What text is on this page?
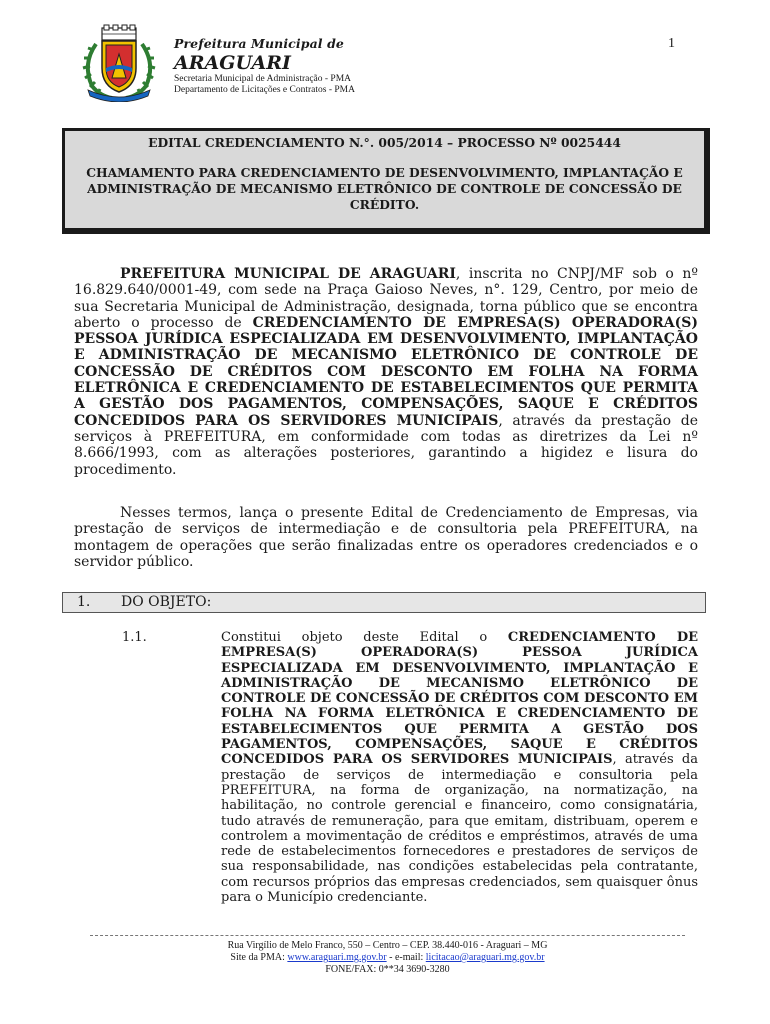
Prefeitura Municipal de
ARAGUARI
Secretaria Municipal de Administração - PMA
Departamento de Licitações e Contratos - PMA
1
EDITAL CREDENCIAMENTO N.°. 005/2014 – PROCESSO Nº 0025444
CHAMAMENTO PARA CREDENCIAMENTO DE DESENVOLVIMENTO, IMPLANTAÇÃO E ADMINISTRAÇÃO DE MECANISMO ELETRÔNICO DE CONTROLE DE CONCESSÃO DE CRÉDITO.
PREFEITURA MUNICIPAL DE ARAGUARI, inscrita no CNPJ/MF sob o nº 16.829.640/0001-49, com sede na Praça Gaioso Neves, n°. 129, Centro, por meio de sua Secretaria Municipal de Administração, designada, torna público que se encontra aberto o processo de CREDENCIAMENTO DE EMPRESA(S) OPERADORA(S) PESSOA JURÍDICA ESPECIALIZADA EM DESENVOLVIMENTO, IMPLANTAÇÃO E ADMINISTRAÇÃO DE MECANISMO ELETRÔNICO DE CONTROLE DE CONCESSÃO DE CRÉDITOS COM DESCONTO EM FOLHA NA FORMA ELETRÔNICA E CREDENCIAMENTO DE ESTABELECIMENTOS QUE PERMITA A GESTÃO DOS PAGAMENTOS, COMPENSAÇÕES, SAQUE E CRÉDITOS CONCEDIDOS PARA OS SERVIDORES MUNICIPAIS, através da prestação de serviços à PREFEITURA, em conformidade com todas as diretrizes da Lei nº 8.666/1993, com as alterações posteriores, garantindo a higidez e lisura do procedimento.
Nesses termos, lança o presente Edital de Credenciamento de Empresas, via prestação de serviços de intermediação e de consultoria pela PREFEITURA, na montagem de operações que serão finalizadas entre os operadores credenciados e o servidor público.
1. DO OBJETO:
1.1.	Constitui objeto deste Edital o CREDENCIAMENTO DE EMPRESA(S) OPERADORA(S) PESSOA JURÍDICA ESPECIALIZADA EM DESENVOLVIMENTO, IMPLANTAÇÃO E ADMINISTRAÇÃO DE MECANISMO ELETRÔNICO DE CONTROLE DE CONCESSÃO DE CRÉDITOS COM DESCONTO EM FOLHA NA FORMA ELETRÔNICA E CREDENCIAMENTO DE ESTABELECIMENTOS QUE PERMITA A GESTÃO DOS PAGAMENTOS, COMPENSAÇÕES, SAQUE E CRÉDITOS CONCEDIDOS PARA OS SERVIDORES MUNICIPAIS, através da prestação de serviços de intermediação e consultoria pela PREFEITURA, na forma de organização, na normatização, na habilitação, no controle gerencial e financeiro, como consignatária, tudo através de remuneração, para que emitam, distribuam, operem e controlem a movimentação de créditos e empréstimos, através de uma rede de estabelecimentos fornecedores e prestadores de serviços de sua responsabilidade, nas condições estabelecidas pela contratante, com recursos próprios das empresas credenciados, sem quaisquer ônus para o Município credenciante.
Rua Virgílio de Melo Franco, 550 – Centro – CEP. 38.440-016 - Araguari – MG
Site da PMA: www.araguari.mg.gov.br - e-mail: licitacao@araguari.mg.gov.br
FONE/FAX: 0**34 3690-3280
